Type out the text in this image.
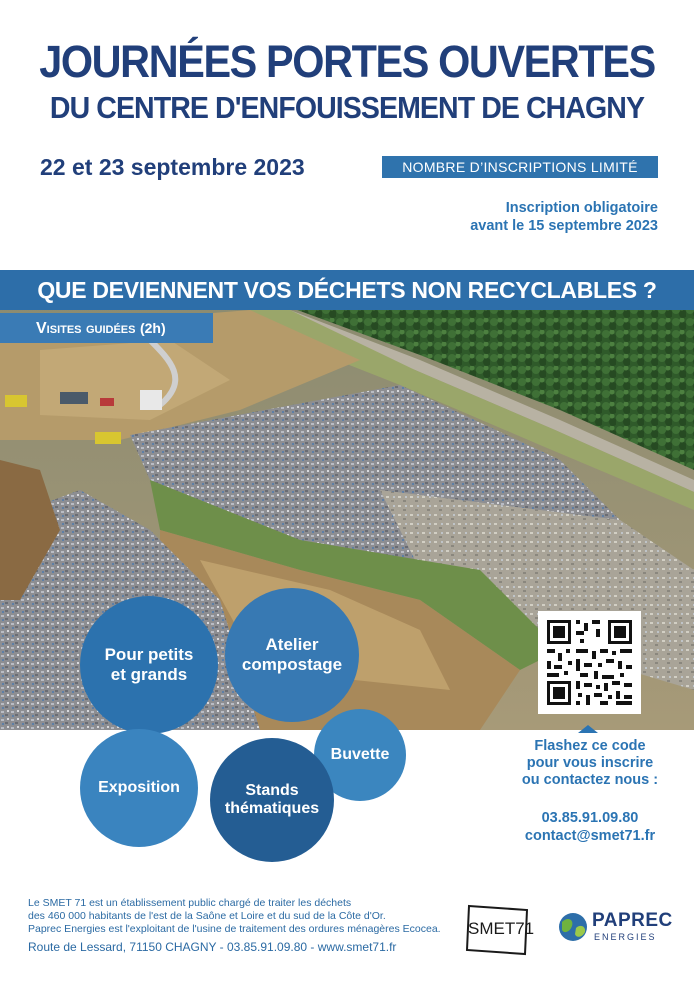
JOURNÉES PORTES OUVERTES
DU CENTRE D'ENFOUISSEMENT DE CHAGNY
22 et 23 septembre 2023	NOMBRE D’INSCRIPTIONS LIMITÉ
Inscription obligatoire
avant le 15 septembre 2023
QUE DEVIENNENT VOS DÉCHETS NON RECYCLABLES ?
Visites guidées (2h)
Pour petits et grands
Atelier compostage
Buvette
Stands thématiques
Exposition
Flashez ce code
pour vous inscrire
ou contactez nous :
03.85.91.09.80
contact@smet71.fr
Le SMET 71 est un établissement public chargé de traiter les déchets
des 460 000 habitants de l'est de la Saône et Loire et du sud de la Côte d'Or.
Paprec Energies est l'exploitant de l'usine de traitement des ordures ménagères Ecocea.
Route de Lessard, 71150 CHAGNY - 03.85.91.09.80 - www.smet71.fr
SMET71	PAPREC
ENERGIES
